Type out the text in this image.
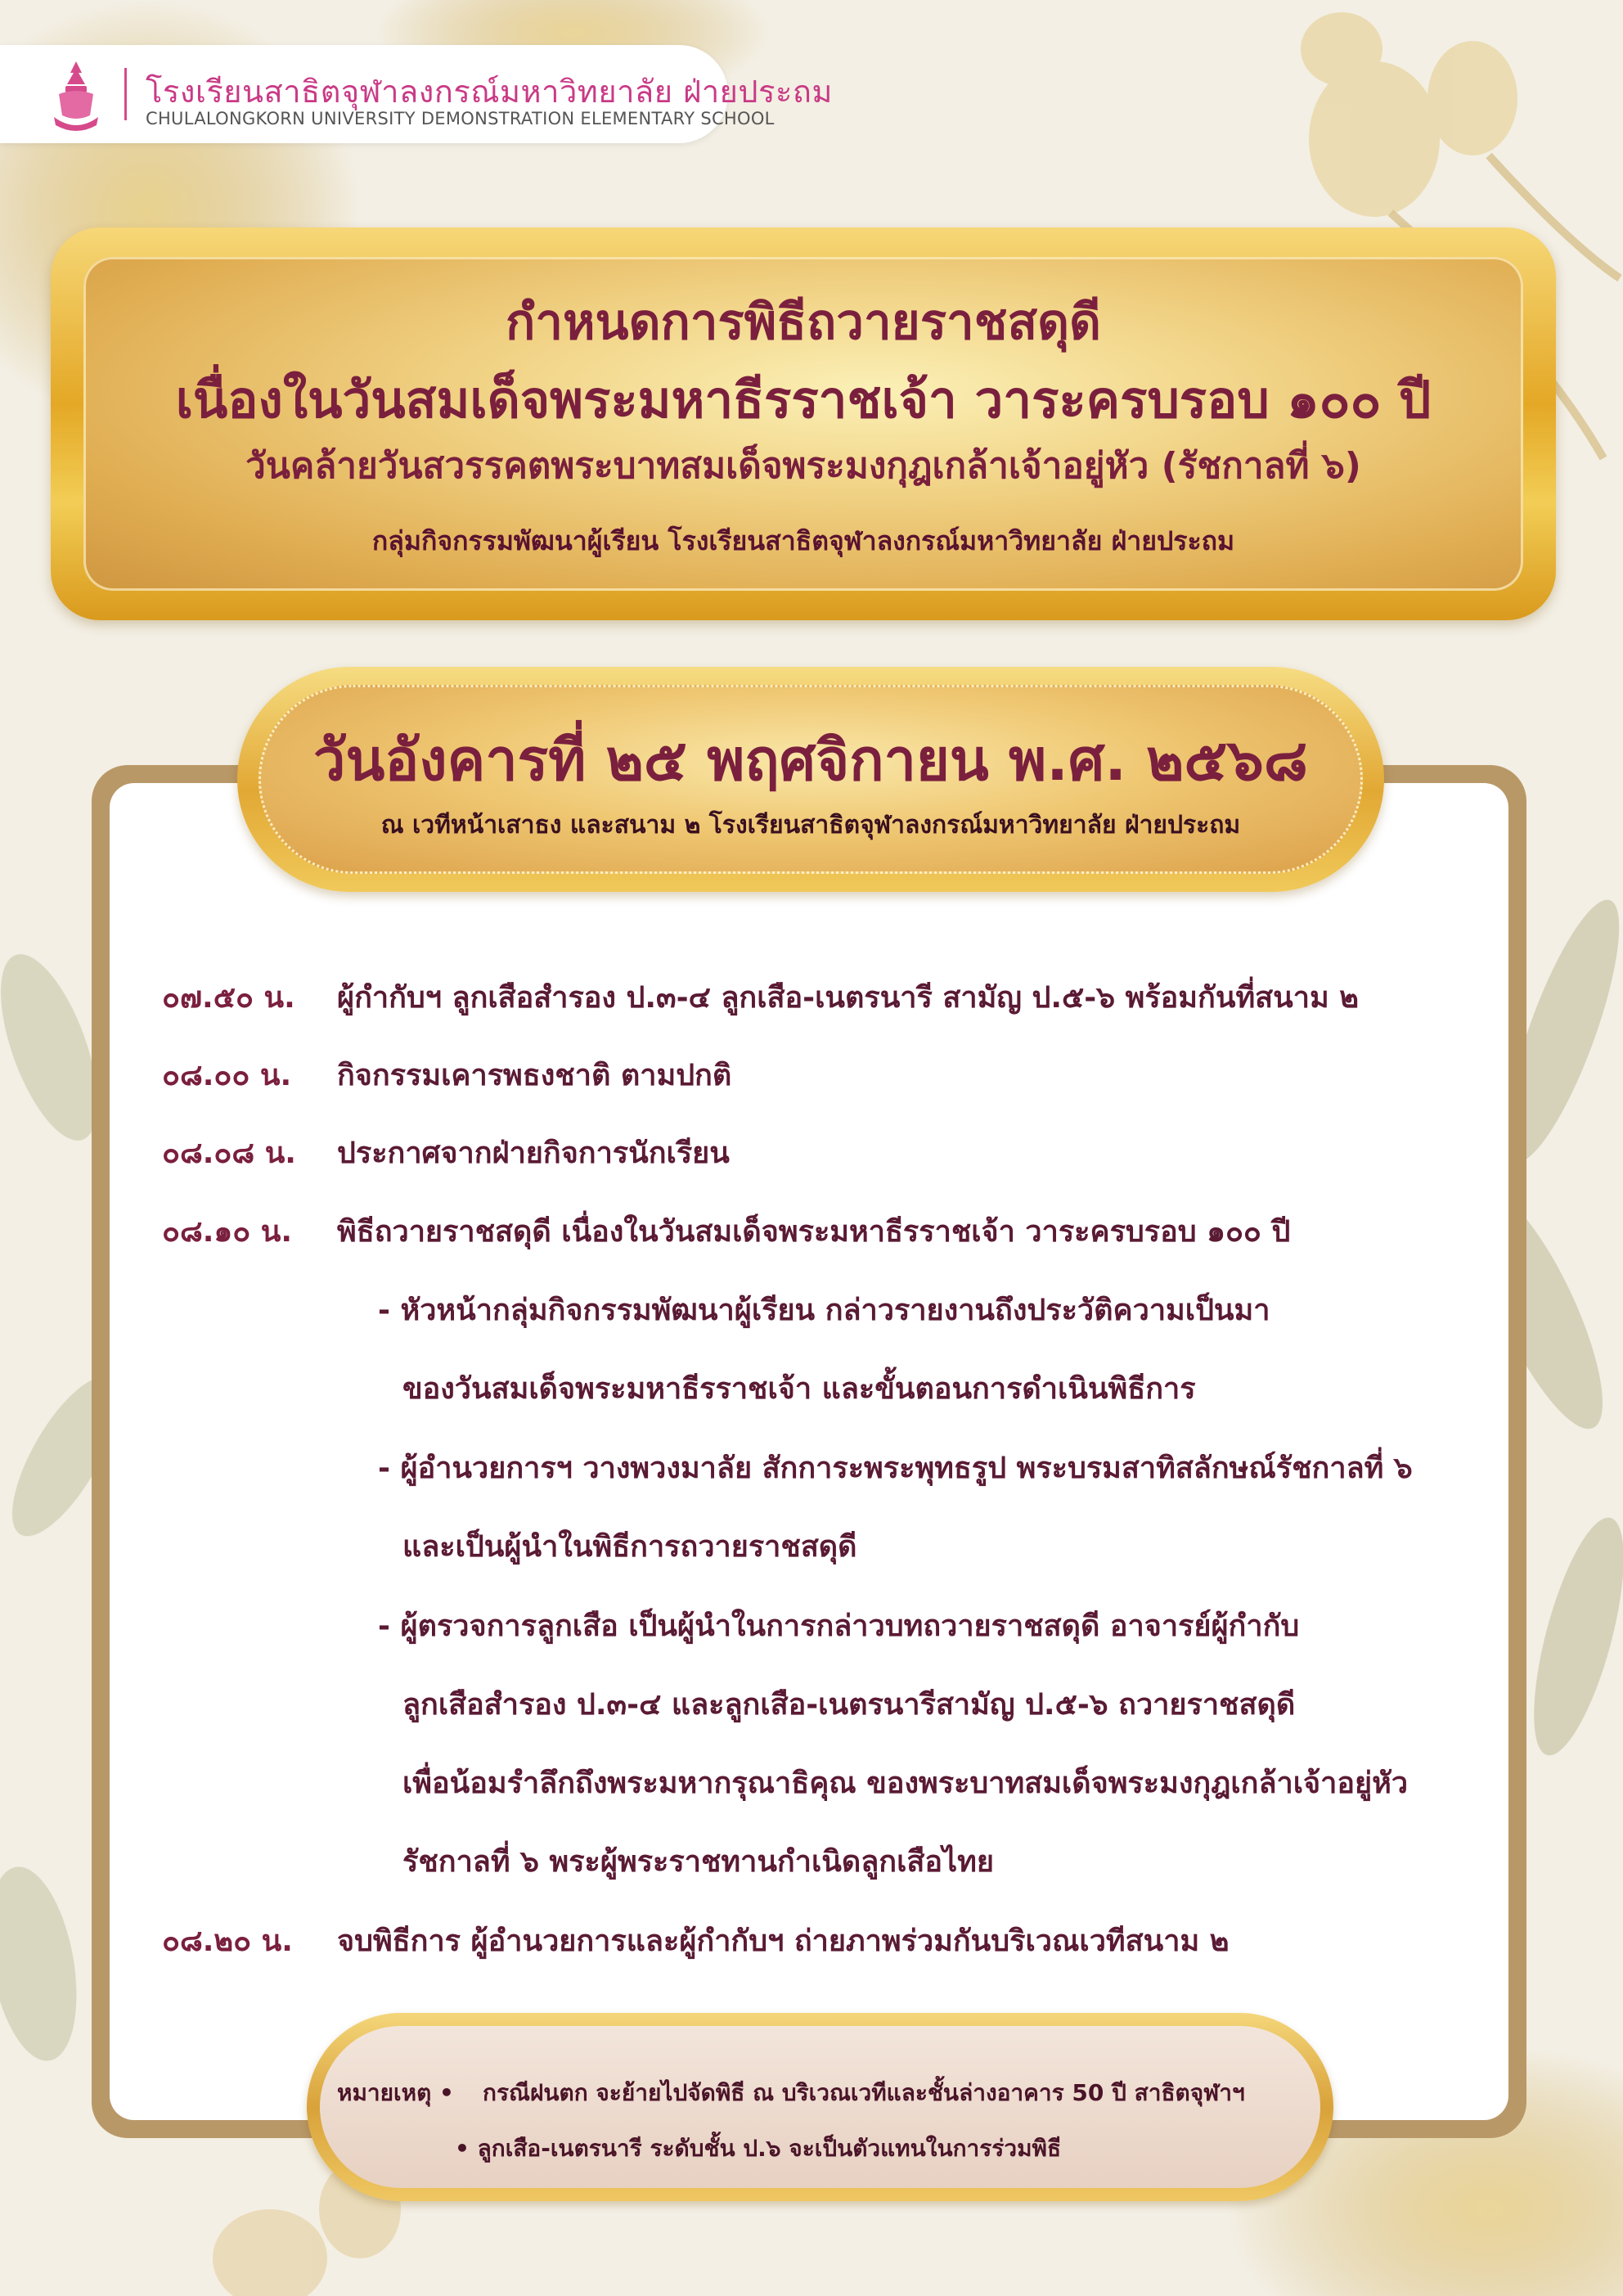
โรงเรียนสาธิตจุฬาลงกรณ์มหาวิทยาลัย ฝ่ายประถม
CHULALONGKORN UNIVERSITY DEMONSTRATION ELEMENTARY SCHOOL
กำหนดการพิธีถวายราชสดุดี
เนื่องในวันสมเด็จพระมหาธีรราชเจ้า วาระครบรอบ ๑๐๐ ปี
วันคล้ายวันสวรรคตพระบาทสมเด็จพระมงกุฎเกล้าเจ้าอยู่หัว (รัชกาลที่ ๖)
กลุ่มกิจกรรมพัฒนาผู้เรียน โรงเรียนสาธิตจุฬาลงกรณ์มหาวิทยาลัย ฝ่ายประถม
วันอังคารที่ ๒๕ พฤศจิกายน พ.ศ. ๒๕๖๘
ณ เวทีหน้าเสาธง และสนาม ๒ โรงเรียนสาธิตจุฬาลงกรณ์มหาวิทยาลัย ฝ่ายประถม
๐๗.๕๐ น. ผู้กำกับฯ ลูกเสือสำรอง ป.๓-๔ ลูกเสือ-เนตรนารี สามัญ ป.๕-๖ พร้อมกันที่สนาม ๒
๐๘.๐๐ น. กิจกรรมเคารพธงชาติ ตามปกติ
๐๘.๐๘ น. ประกาศจากฝ่ายกิจการนักเรียน
๐๘.๑๐ น. พิธีถวายราชสดุดี เนื่องในวันสมเด็จพระมหาธีรราชเจ้า วาระครบรอบ ๑๐๐ ปี
- หัวหน้ากลุ่มกิจกรรมพัฒนาผู้เรียน กล่าวรายงานถึงประวัติความเป็นมา
ของวันสมเด็จพระมหาธีรราชเจ้า และขั้นตอนการดำเนินพิธีการ
- ผู้อำนวยการฯ วางพวงมาลัย สักการะพระพุทธรูป พระบรมสาทิสลักษณ์รัชกาลที่ ๖
และเป็นผู้นำในพิธีการถวายราชสดุดี
- ผู้ตรวจการลูกเสือ เป็นผู้นำในการกล่าวบทถวายราชสดุดี อาจารย์ผู้กำกับ
ลูกเสือสำรอง ป.๓-๔ และลูกเสือ-เนตรนารีสามัญ ป.๕-๖ ถวายราชสดุดี
เพื่อน้อมรำลึกถึงพระมหากรุณาธิคุณ ของพระบาทสมเด็จพระมงกุฎเกล้าเจ้าอยู่หัว
รัชกาลที่ ๖ พระผู้พระราชทานกำเนิดลูกเสือไทย
๐๘.๒๐ น. จบพิธีการ ผู้อำนวยการและผู้กำกับฯ ถ่ายภาพร่วมกันบริเวณเวทีสนาม ๒
หมายเหตุ • กรณีฝนตก จะย้ายไปจัดพิธี ณ บริเวณเวทีและชั้นล่างอาคาร 50 ปี สาธิตจุฬาฯ
• ลูกเสือ-เนตรนารี ระดับชั้น ป.๖ จะเป็นตัวแทนในการร่วมพิธี
